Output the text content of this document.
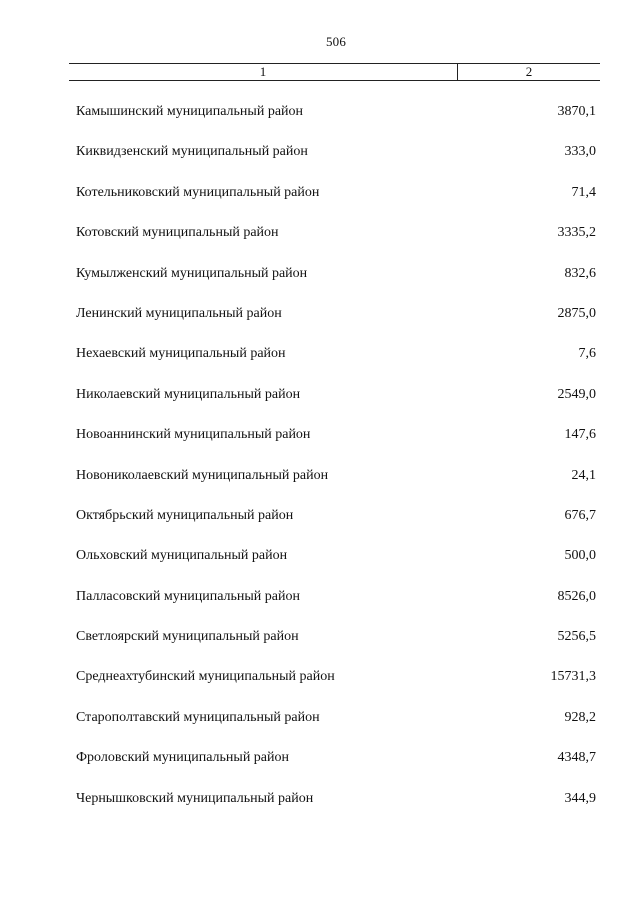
506
1	2
Камышинский муниципальный район	3870,1
Киквидзенский муниципальный район	333,0
Котельниковский муниципальный район	71,4
Котовский муниципальный район	3335,2
Кумылженский муниципальный район	832,6
Ленинский муниципальный район	2875,0
Нехаевский муниципальный район	7,6
Николаевский муниципальный район	2549,0
Новоаннинский муниципальный район	147,6
Новониколаевский муниципальный район	24,1
Октябрьский муниципальный район	676,7
Ольховский муниципальный район	500,0
Палласовский муниципальный район	8526,0
Светлоярский муниципальный район	5256,5
Среднеахтубинский муниципальный район	15731,3
Старополтавский муниципальный район	928,2
Фроловский муниципальный район	4348,7
Чернышковский муниципальный район	344,9
